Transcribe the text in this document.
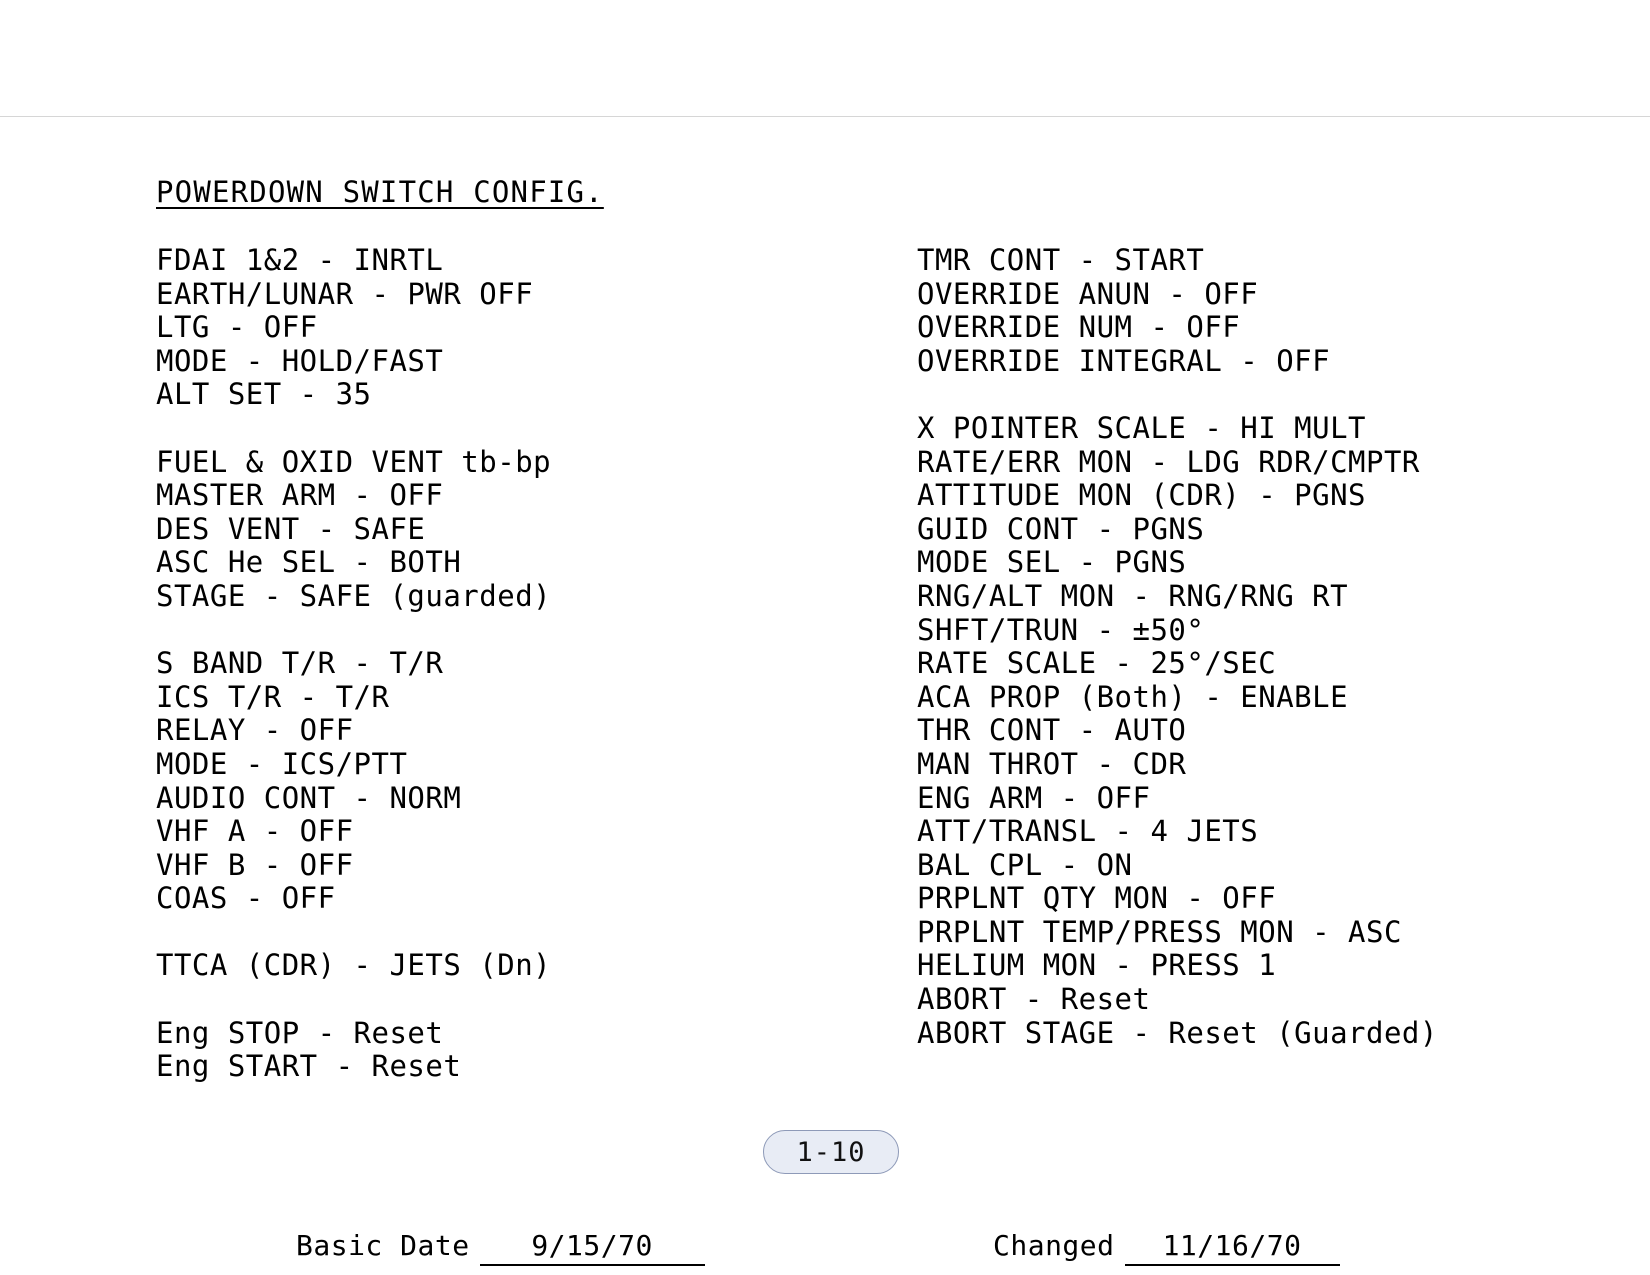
POWERDOWN SWITCH CONFIG.
FDAI 1&2 - INRTL
EARTH/LUNAR - PWR OFF
LTG - OFF
MODE - HOLD/FAST
ALT SET - 35

FUEL & OXID VENT tb-bp
MASTER ARM - OFF
DES VENT - SAFE
ASC He SEL - BOTH
STAGE - SAFE (guarded)

S BAND T/R - T/R
ICS T/R - T/R
RELAY - OFF
MODE - ICS/PTT
AUDIO CONT - NORM
VHF A - OFF
VHF B - OFF
COAS - OFF

TTCA (CDR) - JETS (Dn)

Eng STOP - Reset
Eng START - Reset
TMR CONT - START
OVERRIDE ANUN - OFF
OVERRIDE NUM - OFF
OVERRIDE INTEGRAL - OFF

X POINTER SCALE - HI MULT
RATE/ERR MON - LDG RDR/CMPTR
ATTITUDE MON (CDR) - PGNS
GUID CONT - PGNS
MODE SEL - PGNS
RNG/ALT MON - RNG/RNG RT
SHFT/TRUN - ±50°
RATE SCALE - 25°/SEC
ACA PROP (Both) - ENABLE
THR CONT - AUTO
MAN THROT - CDR
ENG ARM - OFF
ATT/TRANSL - 4 JETS
BAL CPL - ON
PRPLNT QTY MON - OFF
PRPLNT TEMP/PRESS MON - ASC
HELIUM MON - PRESS 1
ABORT - Reset
ABORT STAGE - Reset (Guarded)
1-10
Basic Date	9/15/70	Changed	11/16/70
